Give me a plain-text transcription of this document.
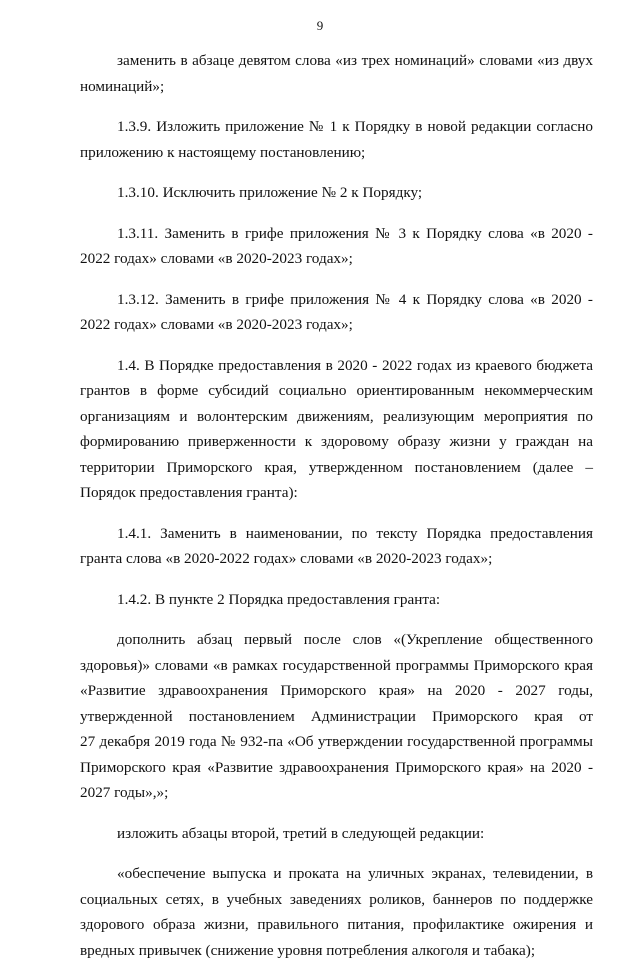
9
заменить в абзаце девятом слова «из трех номинаций» словами «из двух
номинаций»;
1.3.9. Изложить приложение № 1 к Порядку в новой редакции согласно
приложению к настоящему постановлению;
1.3.10. Исключить приложение № 2 к Порядку;
1.3.11. Заменить в грифе приложения № 3 к Порядку слова «в 2020 -
2022 годах» словами «в 2020-2023 годах»;
1.3.12. Заменить в грифе приложения № 4 к Порядку слова «в 2020 -
2022 годах» словами «в 2020-2023 годах»;
1.4. В Порядке предоставления в 2020 - 2022 годах из краевого бюджета
грантов в форме субсидий социально ориентированным некоммерческим
организациям и волонтерским движениям, реализующим мероприятия по
формированию приверженности к здоровому образу жизни у граждан на
территории Приморского края, утвержденном постановлением (далее –
Порядок предоставления гранта):
1.4.1. Заменить в наименовании, по тексту Порядка предоставления
гранта слова «в 2020-2022 годах» словами «в 2020-2023 годах»;
1.4.2. В пункте 2 Порядка предоставления гранта:
дополнить абзац первый после слов «(Укрепление общественного
здоровья)» словами «в рамках государственной программы Приморского края
«Развитие здравоохранения Приморского края» на 2020 - 2027 годы,
утвержденной постановлением Администрации Приморского края от
27 декабря 2019 года № 932-па «Об утверждении государственной программы
Приморского края «Развитие здравоохранения Приморского края» на 2020 -
2027 годы»,»;
изложить абзацы второй, третий в следующей редакции:
«обеспечение выпуска и проката на уличных экранах, телевидении, в
социальных сетях, в учебных заведениях роликов, баннеров по поддержке
здорового образа жизни, правильного питания, профилактике ожирения и
вредных привычек (снижение уровня потребления алкоголя и табака);
